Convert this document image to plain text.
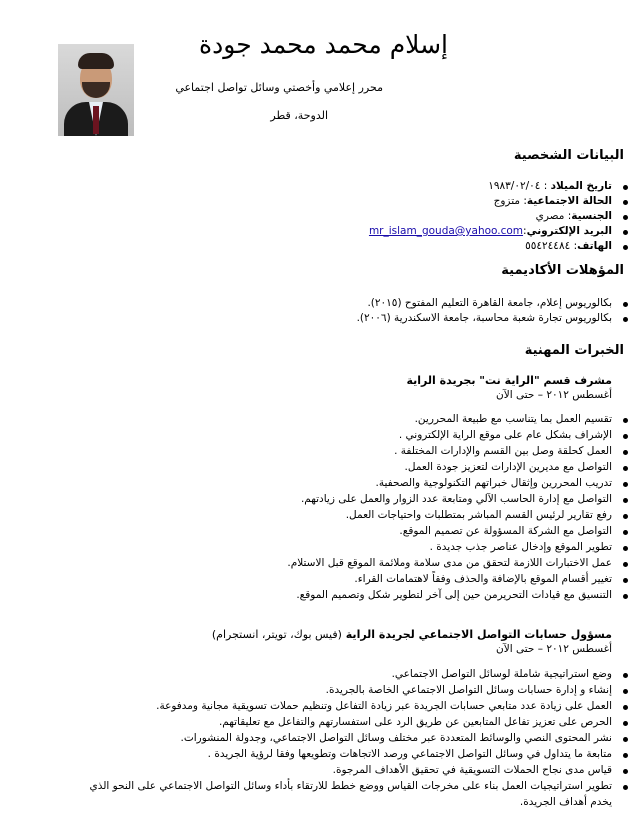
إسلام محمد محمد جودة
محرر إعلامي وأخصتي وسائل تواصل اجتماعي
الدوحة، قطر
البيانات الشخصية
تاريخ الميلاد : ١٩٨٣/٠٢/٠٤
الحالة الاجتماعية: متزوج
الجنسية: مصري
البريد الإلكتروني:mr_islam_gouda@yahoo.com
الهاتف: ٥٥٤٢٤٤٨٤
المؤهلات الأكاديمية
بكالوريوس إعلام، جامعة القاهرة التعليم المفتوح (٢٠١٥).
بكالوريوس تجارة شعبة محاسبة، جامعة الاسكندرية (٢٠٠٦).
الخبرات المهنية
مشرف قسم "الراية نت" بجريدة الراية
أغسطس ٢٠١٢ – حتى الآن
تقسيم العمل بما يتناسب مع طبيعة المحررين.
الإشراف بشكل عام على موقع الراية الإلكتروني .
العمل كحلقة وصل بين القسم والإدارات المختلفة .
التواصل مع مديرين الإدارات لتعزيز جودة العمل.
تدريب المحررين وإثقال خبراتهم التكنولوجية والصحفية.
التواصل مع إدارة الحاسب الآلي ومتابعة عدد الزوار والعمل على زيادتهم.
رفع تقارير لرئيس القسم المباشر بمتطلبات واحتياجات العمل.
التواصل مع الشركة المسؤولة عن تصميم الموقع.
تطوير الموقع وإدخال عناصر جذب جديدة .
عمل الاختبارات اللازمة لتحقق من مدى سلامة وملائمة الموقع قبل الاستلام.
تغيير أقسام الموقع بالإضافة والحذف وفقاً لاهتمامات القراء.
التنسيق مع قيادات التحريرمن حين إلى آخر لتطوير شكل وتصميم الموقع.
مسؤول حسابات التواصل الاجتماعي لجريدة الراية (فيس بوك، تويتر، انستجرام)
أغسطس ٢٠١٢ – حتى الآن
وضع استراتيجية شاملة لوسائل التواصل الاجتماعي.
إنشاء و إدارة حسابات وسائل التواصل الاجتماعي الخاصة بالجريدة.
العمل على زيادة عدد متابعي حسابات الجريدة عبر زيادة التفاعل وتنظيم حملات تسويقية مجانية ومدفوعة.
الحرص على تعزيز تفاعل المتابعين عن طريق الرد على استفسارتهم والتفاعل مع تعليقاتهم.
نشر المحتوى النصي والوسائط المتعددة عبر مختلف وسائل التواصل الاجتماعي، وجدولة المنشورات.
متابعة ما يتداول في وسائل التواصل الاجتماعي ورصد الاتجاهات وتطويعها وفقا لرؤية الجريدة .
قياس مدى نجاح الحملات التسويقية في تحقيق الأهداف المرجوة.
تطوير استراتيجيات العمل بناء على مخرجات القياس ووضع خطط للارتقاء بأداء وسائل التواصل الاجتماعي على النحو الذي
يخدم أهداف الجريدة.
